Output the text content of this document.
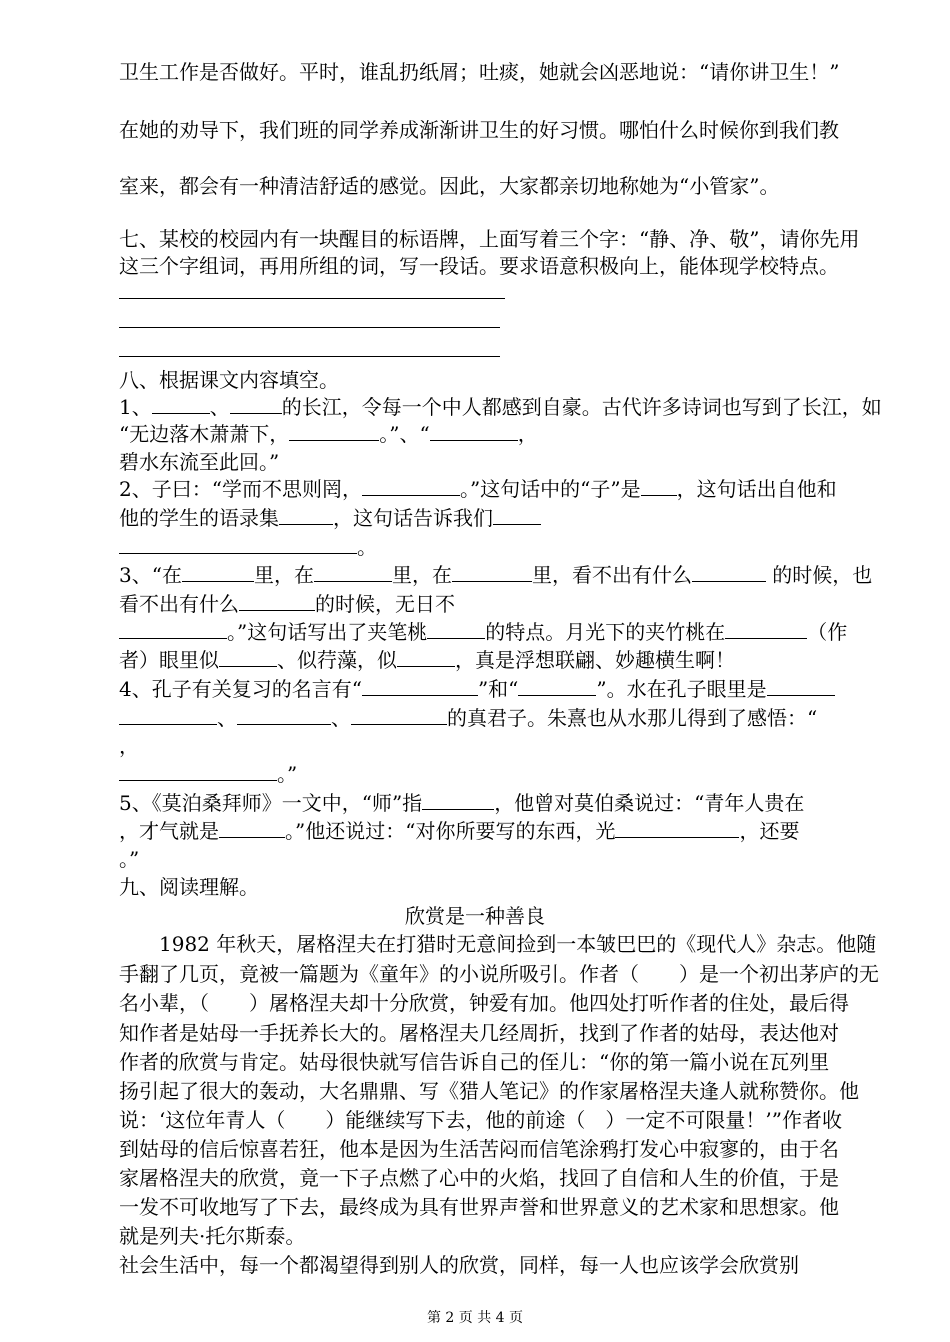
卫生工作是否做好。平时，谁乱扔纸屑；吐痰，她就会凶恶地说：“请你讲卫生！”
在她的劝导下，我们班的同学养成渐渐讲卫生的好习惯。哪怕什么时候你到我们教
室来，都会有一种清洁舒适的感觉。因此，大家都亲切地称她为“小管家”。
七、某校的校园内有一块醒目的标语牌，上面写着三个字：“静、净、敬”，请你先用
这三个字组词，再用所组的词，写一段话。要求语意积极向上，能体现学校特点。
八、根据课文内容填空。
1、	、	的长江，令每一个中人都感到自豪。古代许多诗词也写到了长江，如
“无边落木萧萧下，	。”、“	，
碧水东流至此回。”
2、子曰：“学而不思则罔，	。”这句话中的“子”是 ，这句话出自他和
他的学生的语录集	，这句话告诉我们
。
3、“在	里，在	里，在	里，看不出有什么	的时候，也
看不出有什么	的时候，无日不
。”这句话写出了夹笔桃	的特点。月光下的夹竹桃在	（作
者）眼里似	、似荇藻，似	，真是浮想联翩、妙趣横生啊！
4、孔子有关复习的名言有“	”和“	”。水在孔子眼里是
、	、	的真君子。朱熹也从水那儿得到了感悟：“
，
。”
5、《莫泊桑拜师》一文中，“师”指	，他曾对莫伯桑说过：“青年人贵在
，才气就是	。”他还说过：“对你所要写的东西，光	，还要
。”
九、阅读理解。
欣赏是一种善良
1982 年秋天，屠格涅夫在打猎时无意间捡到一本皱巴巴的《现代人》杂志。他随
手翻了几页，竟被一篇题为《童年》的小说所吸引。作者（　　）是一个初出茅庐的无
名小辈，（　　）屠格涅夫却十分欣赏，钟爱有加。他四处打听作者的住处，最后得
知作者是姑母一手抚养长大的。屠格涅夫几经周折，找到了作者的姑母，表达他对
作者的欣赏与肯定。姑母很快就写信告诉自己的侄儿：“你的第一篇小说在瓦列里
扬引起了很大的轰动，大名鼎鼎、写《猎人笔记》的作家屠格涅夫逢人就称赞你。他
说：‘这位年青人（　　）能继续写下去，他的前途（　）一定不可限量！’”作者收
到姑母的信后惊喜若狂，他本是因为生活苦闷而信笔涂鸦打发心中寂寥的，由于名
家屠格涅夫的欣赏，竟一下子点燃了心中的火焰，找回了自信和人生的价值，于是
一发不可收地写了下去，最终成为具有世界声誉和世界意义的艺术家和思想家。他
就是列夫·托尔斯泰。
社会生活中，每一个都渴望得到别人的欣赏，同样，每一人也应该学会欣赏别
第 2 页 共 4 页
